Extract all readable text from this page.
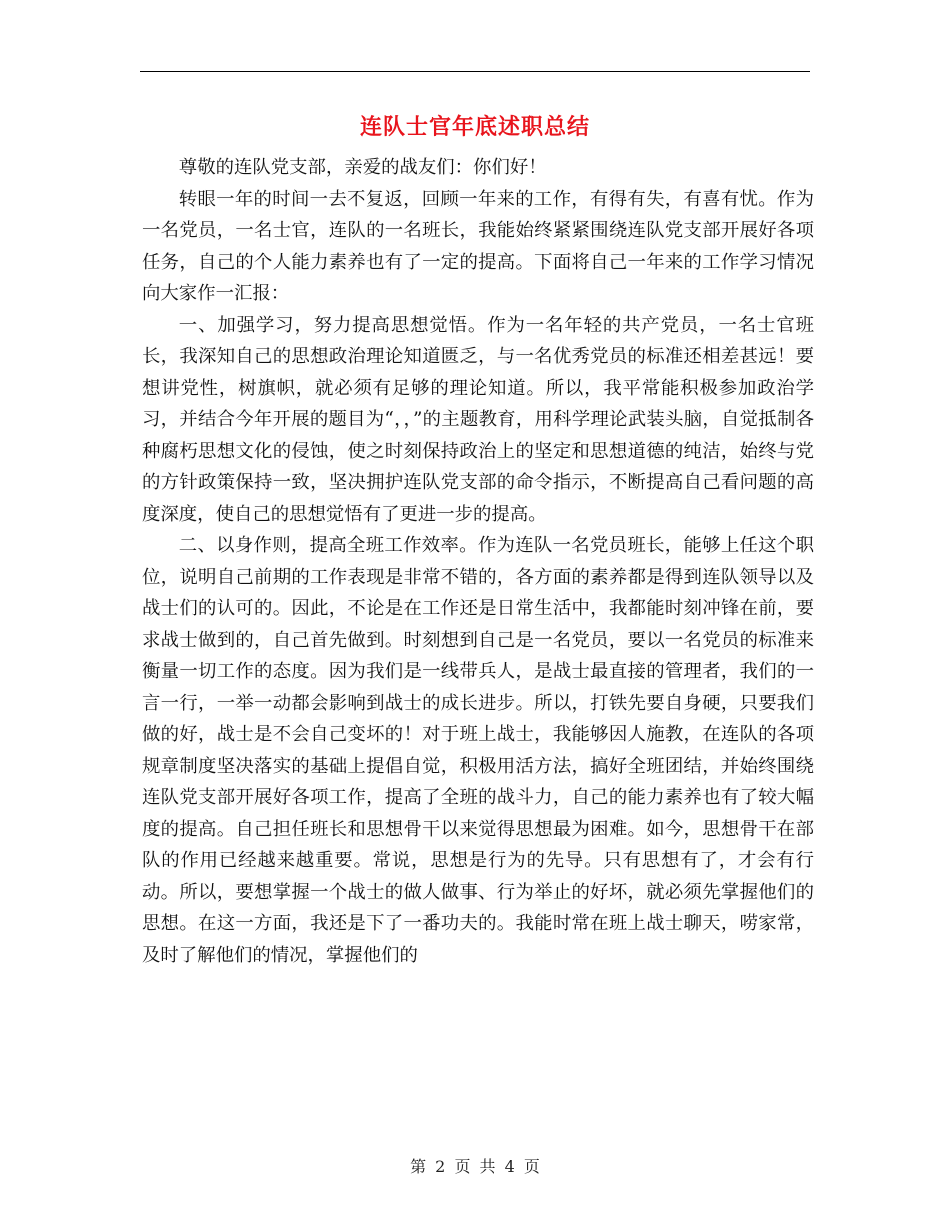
连队士官年底述职总结

尊敬的连队党支部，亲爱的战友们：你们好！

转眼一年的时间一去不复返，回顾一年来的工作，有得有失，有喜有忧。作为一名党员，一名士官，连队的一名班长，我能始终紧紧围绕连队党支部开展好各项任务，自己的个人能力素养也有了一定的提高。下面将自己一年来的工作学习情况向大家作一汇报：

一、加强学习，努力提高思想觉悟。作为一名年轻的共产党员，一名士官班长，我深知自己的思想政治理论知道匮乏，与一名优秀党员的标准还相差甚远！要想讲党性，树旗帜，就必须有足够的理论知道。所以，我平常能积极参加政治学习，并结合今年开展的题目为“，，”的主题教育，用科学理论武装头脑，自觉抵制各种腐朽思想文化的侵蚀，使之时刻保持政治上的坚定和思想道德的纯洁，始终与党的方针政策保持一致，坚决拥护连队党支部的命令指示，不断提高自己看问题的高度深度，使自己的思想觉悟有了更进一步的提高。

二、以身作则，提高全班工作效率。作为连队一名党员班长，能够上任这个职位，说明自己前期的工作表现是非常不错的，各方面的素养都是得到连队领导以及战士们的认可的。因此，不论是在工作还是日常生活中，我都能时刻冲锋在前，要求战士做到的，自己首先做到。时刻想到自己是一名党员，要以一名党员的标准来衡量一切工作的态度。因为我们是一线带兵人，是战士最直接的管理者，我们的一言一行，一举一动都会影响到战士的成长进步。所以，打铁先要自身硬，只要我们做的好，战士是不会自己变坏的！对于班上战士，我能够因人施教，在连队的各项规章制度坚决落实的基础上提倡自觉，积极用活方法，搞好全班团结，并始终围绕连队党支部开展好各项工作，提高了全班的战斗力，自己的能力素养也有了较大幅度的提高。自己担任班长和思想骨干以来觉得思想最为困难。如今，思想骨干在部队的作用已经越来越重要。常说，思想是行为的先导。只有思想有了，才会有行动。所以，要想掌握一个战士的做人做事、行为举止的好坏，就必须先掌握他们的思想。在这一方面，我还是下了一番功夫的。我能时常在班上战士聊天，唠家常，及时了解他们的情况，掌握他们的

第 2 页 共 4 页
